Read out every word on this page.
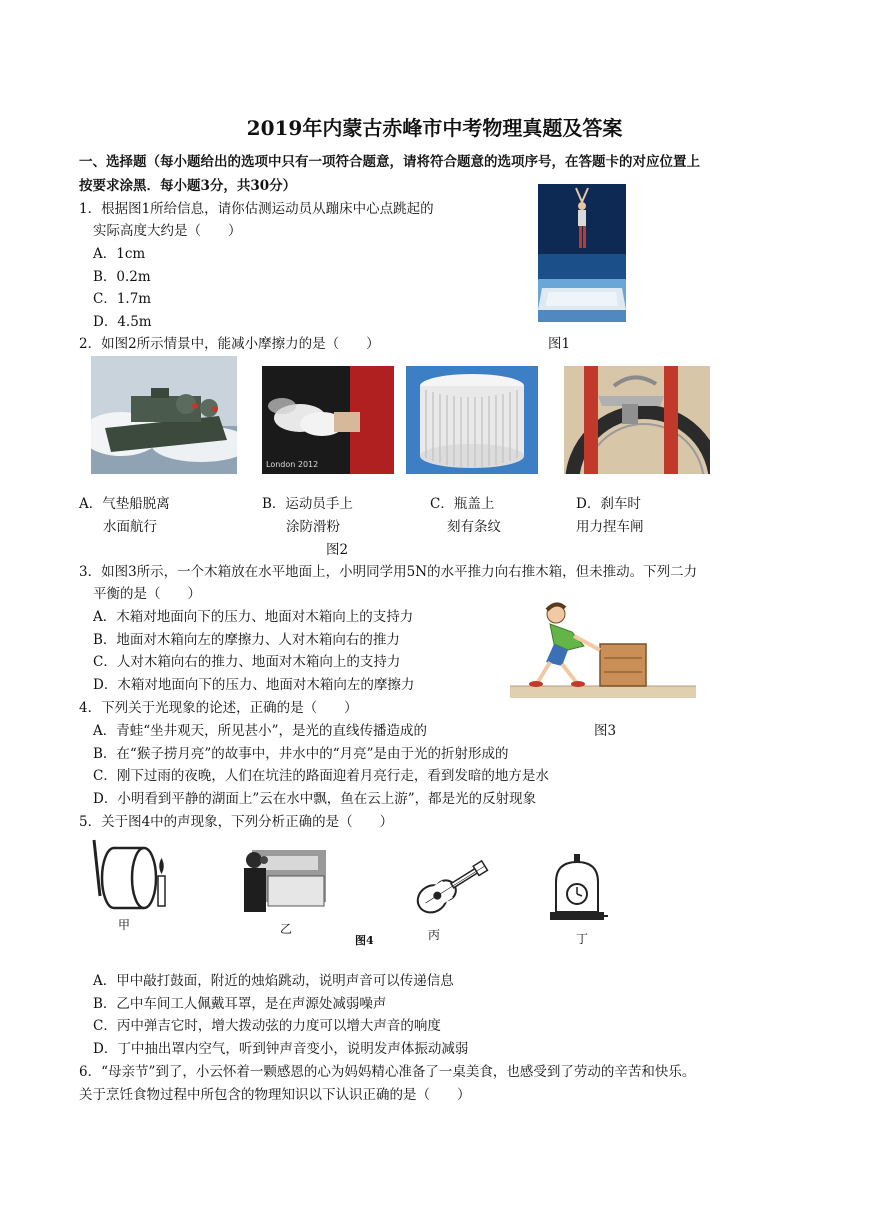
2019年内蒙古赤峰市中考物理真题及答案
一、选择题（每小题给出的选项中只有一项符合题意，请将符合题意的选项序号，在答题卡的对应位置上
按要求涂黑．每小题3分，共30分）
1．根据图1所给信息，请你估测运动员从蹦床中心点跳起的
实际高度大约是（　　）
A．1cm
B．0.2m
C．1.7m
D．4.5m
图1
2．如图2所示情景中，能减小摩擦力的是（　　）
London 2012
A．气垫船脱离
水面航行
B．运动员手上
涂防滑粉
C．瓶盖上
刻有条纹
D．刹车时
用力捏车闸
图2
3．如图3所示，一个木箱放在水平地面上，小明同学用5N的水平推力向右推木箱，但未推动。下列二力
平衡的是（　　）
A．木箱对地面向下的压力、地面对木箱向上的支持力
B．地面对木箱向左的摩擦力、人对木箱向右的推力
C．人对木箱向右的推力、地面对木箱向上的支持力
D．木箱对地面向下的压力、地面对木箱向左的摩擦力
4．下列关于光现象的论述，正确的是（　　）
A．青蛙“坐井观天，所见甚小”，是光的直线传播造成的	图3
B．在“猴子捞月亮”的故事中，井水中的“月亮”是由于光的折射形成的
C．刚下过雨的夜晚，人们在坑洼的路面迎着月亮行走，看到发暗的地方是水
D．小明看到平静的湖面上”云在水中飘，鱼在云上游”，都是光的反射现象
5．关于图4中的声现象，下列分析正确的是（　　）
甲	乙
图4	丙	丁
A．甲中敲打鼓面，附近的烛焰跳动，说明声音可以传递信息
B．乙中车间工人佩戴耳罩，是在声源处减弱噪声
C．丙中弹吉它时，增大拨动弦的力度可以增大声音的响度
D．丁中抽出罩内空气，听到钟声音变小，说明发声体振动减弱
6．“母亲节”到了，小云怀着一颗感恩的心为妈妈精心准备了一桌美食，也感受到了劳动的辛苦和快乐。
关于烹饪食物过程中所包含的物理知识以下认识正确的是（　　）
